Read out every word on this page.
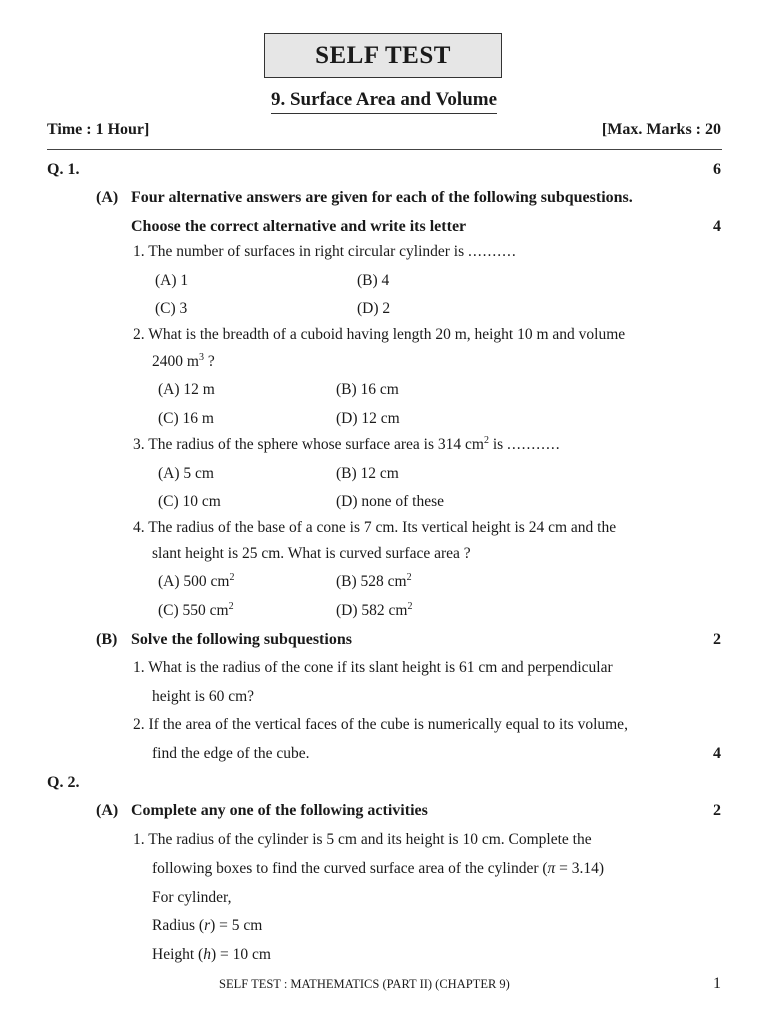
SELF TEST
9. Surface Area and Volume
Time : 1 Hour]	[Max. Marks : 20
Q. 1.	6
(A) Four alternative answers are given for each of the following subquestions.
Choose the correct alternative and write its letter	4
1. The number of surfaces in right circular cylinder is ..........
(A) 1	(B) 4
(C) 3	(D) 2
2. What is the breadth of a cuboid having length 20 m, height 10 m and volume
2400 $m^3$ ?
(A) 12 m	(B) 16 cm
(C) 16 m	(D) 12 cm
3. The radius of the sphere whose surface area is 314 $cm^2$ is ...........
(A) 5 cm	(B) 12 cm
(C) 10 cm	(D) none of these
4. The radius of the base of a cone is 7 cm. Its vertical height is 24 cm and the
slant height is 25 cm. What is curved surface area ?
(A) 500 $cm^2$	(B) 528 $cm^2$
(C) 550 $cm^2$	(D) 582 $cm^2$
(B) Solve the following subquestions	2
1. What is the radius of the cone if its slant height is 61 cm and perpendicular
height is 60 cm?
2. If the area of the vertical faces of the cube is numerically equal to its volume,
find the edge of the cube.	4
Q. 2.
(A) Complete any one of the following activities	2
1. The radius of the cylinder is 5 cm and its height is 10 cm. Complete the
following boxes to find the curved surface area of the cylinder (π = 3.14)
For cylinder,
Radius (r) = 5 cm
Height (h) = 10 cm
SELF TEST : MATHEMATICS (PART II) (CHAPTER 9)	1
